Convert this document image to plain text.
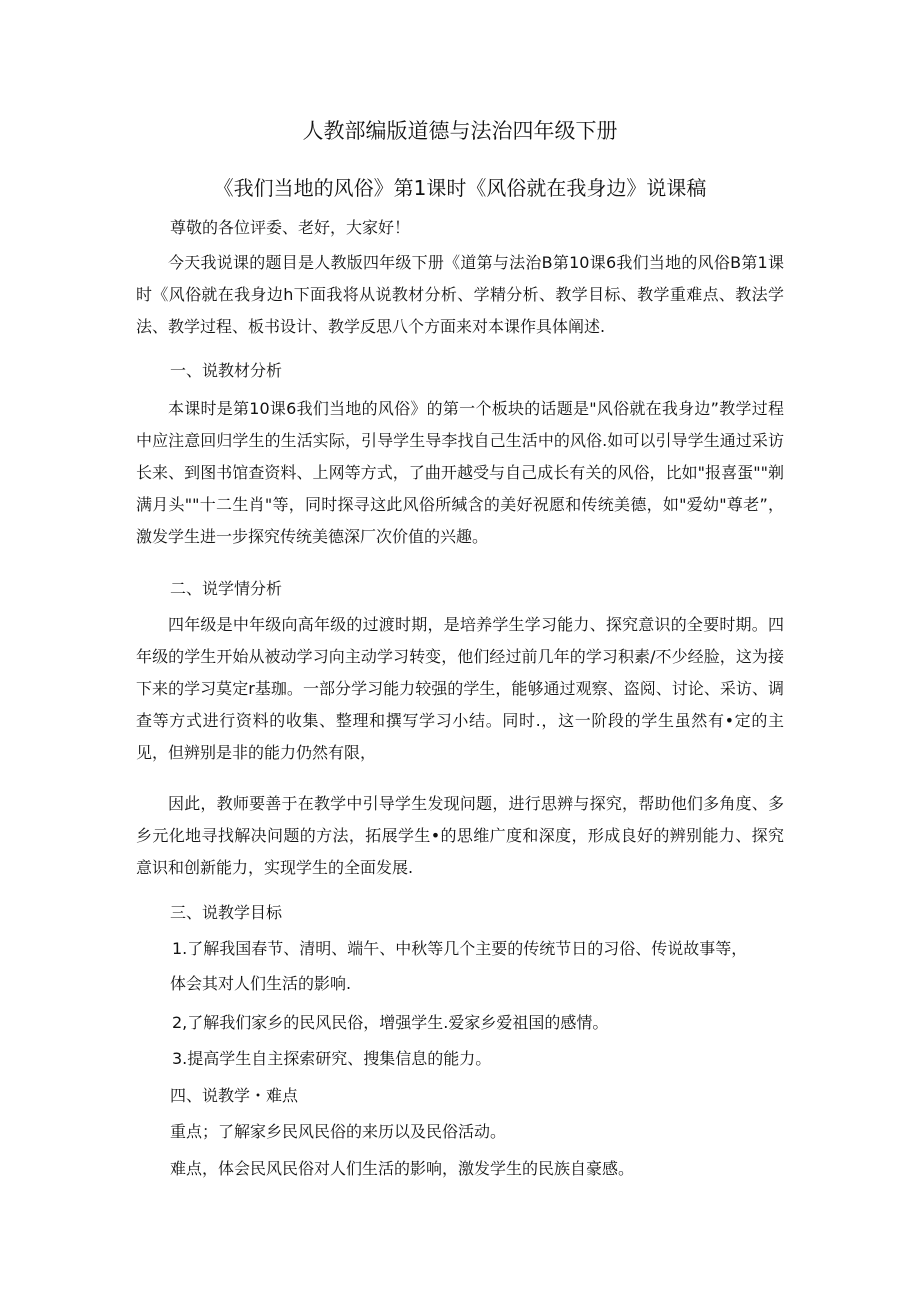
人教部编版道德与法治四年级下册
《我们当地的风俗》第1课时《风俗就在我身边》说课稿
尊敬的各位评委、老好，大家好！
今天我说课的题目是人教版四年级下册《道第与法治B第10课6我们当地的风俗B第1课时《风俗就在我身边h下面我将从说教材分析、学精分析、教学目标、教学重难点、教法学法、教学过程、板书设计、教学反思八个方面来对本课作具体阐述.
一、说教材分析
本课时是第10课6我们当地的风俗》的第一个板块的话题是"风俗就在我身边”教学过程中应注意回归学生的生活实际，引导学生导李找自己生活中的风俗.如可以引导学生通过采访长来、到图书馆查资料、上网等方式，了曲开越受与自己成长有关的风俗，比如"报喜蛋""剃满月头""十二生肖"等，同时探寻这此风俗所缄含的美好祝愿和传统美德，如"爱幼"尊老”，激发学生进一步探究传统美德深厂次价值的兴趣。
二、说学情分析
四年级是中年级向高年级的过渡时期，是培养学生学习能力、探究意识的全要时期。四年级的学生开始从被动学习向主动学习转变，他们经过前几年的学习积素/不少经脸，这为接下来的学习莫定r基珈。一部分学习能力较强的学生，能够通过观察、盗阅、讨论、采访、调查等方式进行资料的收集、整理和撰写学习小结。同时.，这一阶段的学生虽然有•定的主见，但辨别是非的能力仍然有限，
因此，教师要善于在教学中引导学生发现问题，进行思辨与探究，帮助他们多角度、多乡元化地寻找解决问题的方法，拓展学生•的思维广度和深度，形成良好的辨别能力、探究意识和创新能力，实现学生的全面发展.
三、说教学目标
1.了解我国春节、清明、端午、中秋等几个主要的传统节日的习俗、传说故事等，
体会其对人们生活的影响.
2,了解我们家乡的民风民俗，增强学生.爱家乡爱祖国的感情。
3.提高学生自主探索研究、搜集信息的能力。
四、说教学・难点
重点；了解家乡民风民俗的来历以及民俗活动。
难点，体会民风民俗对人们生活的影响，激发学生的民族自豪感。
